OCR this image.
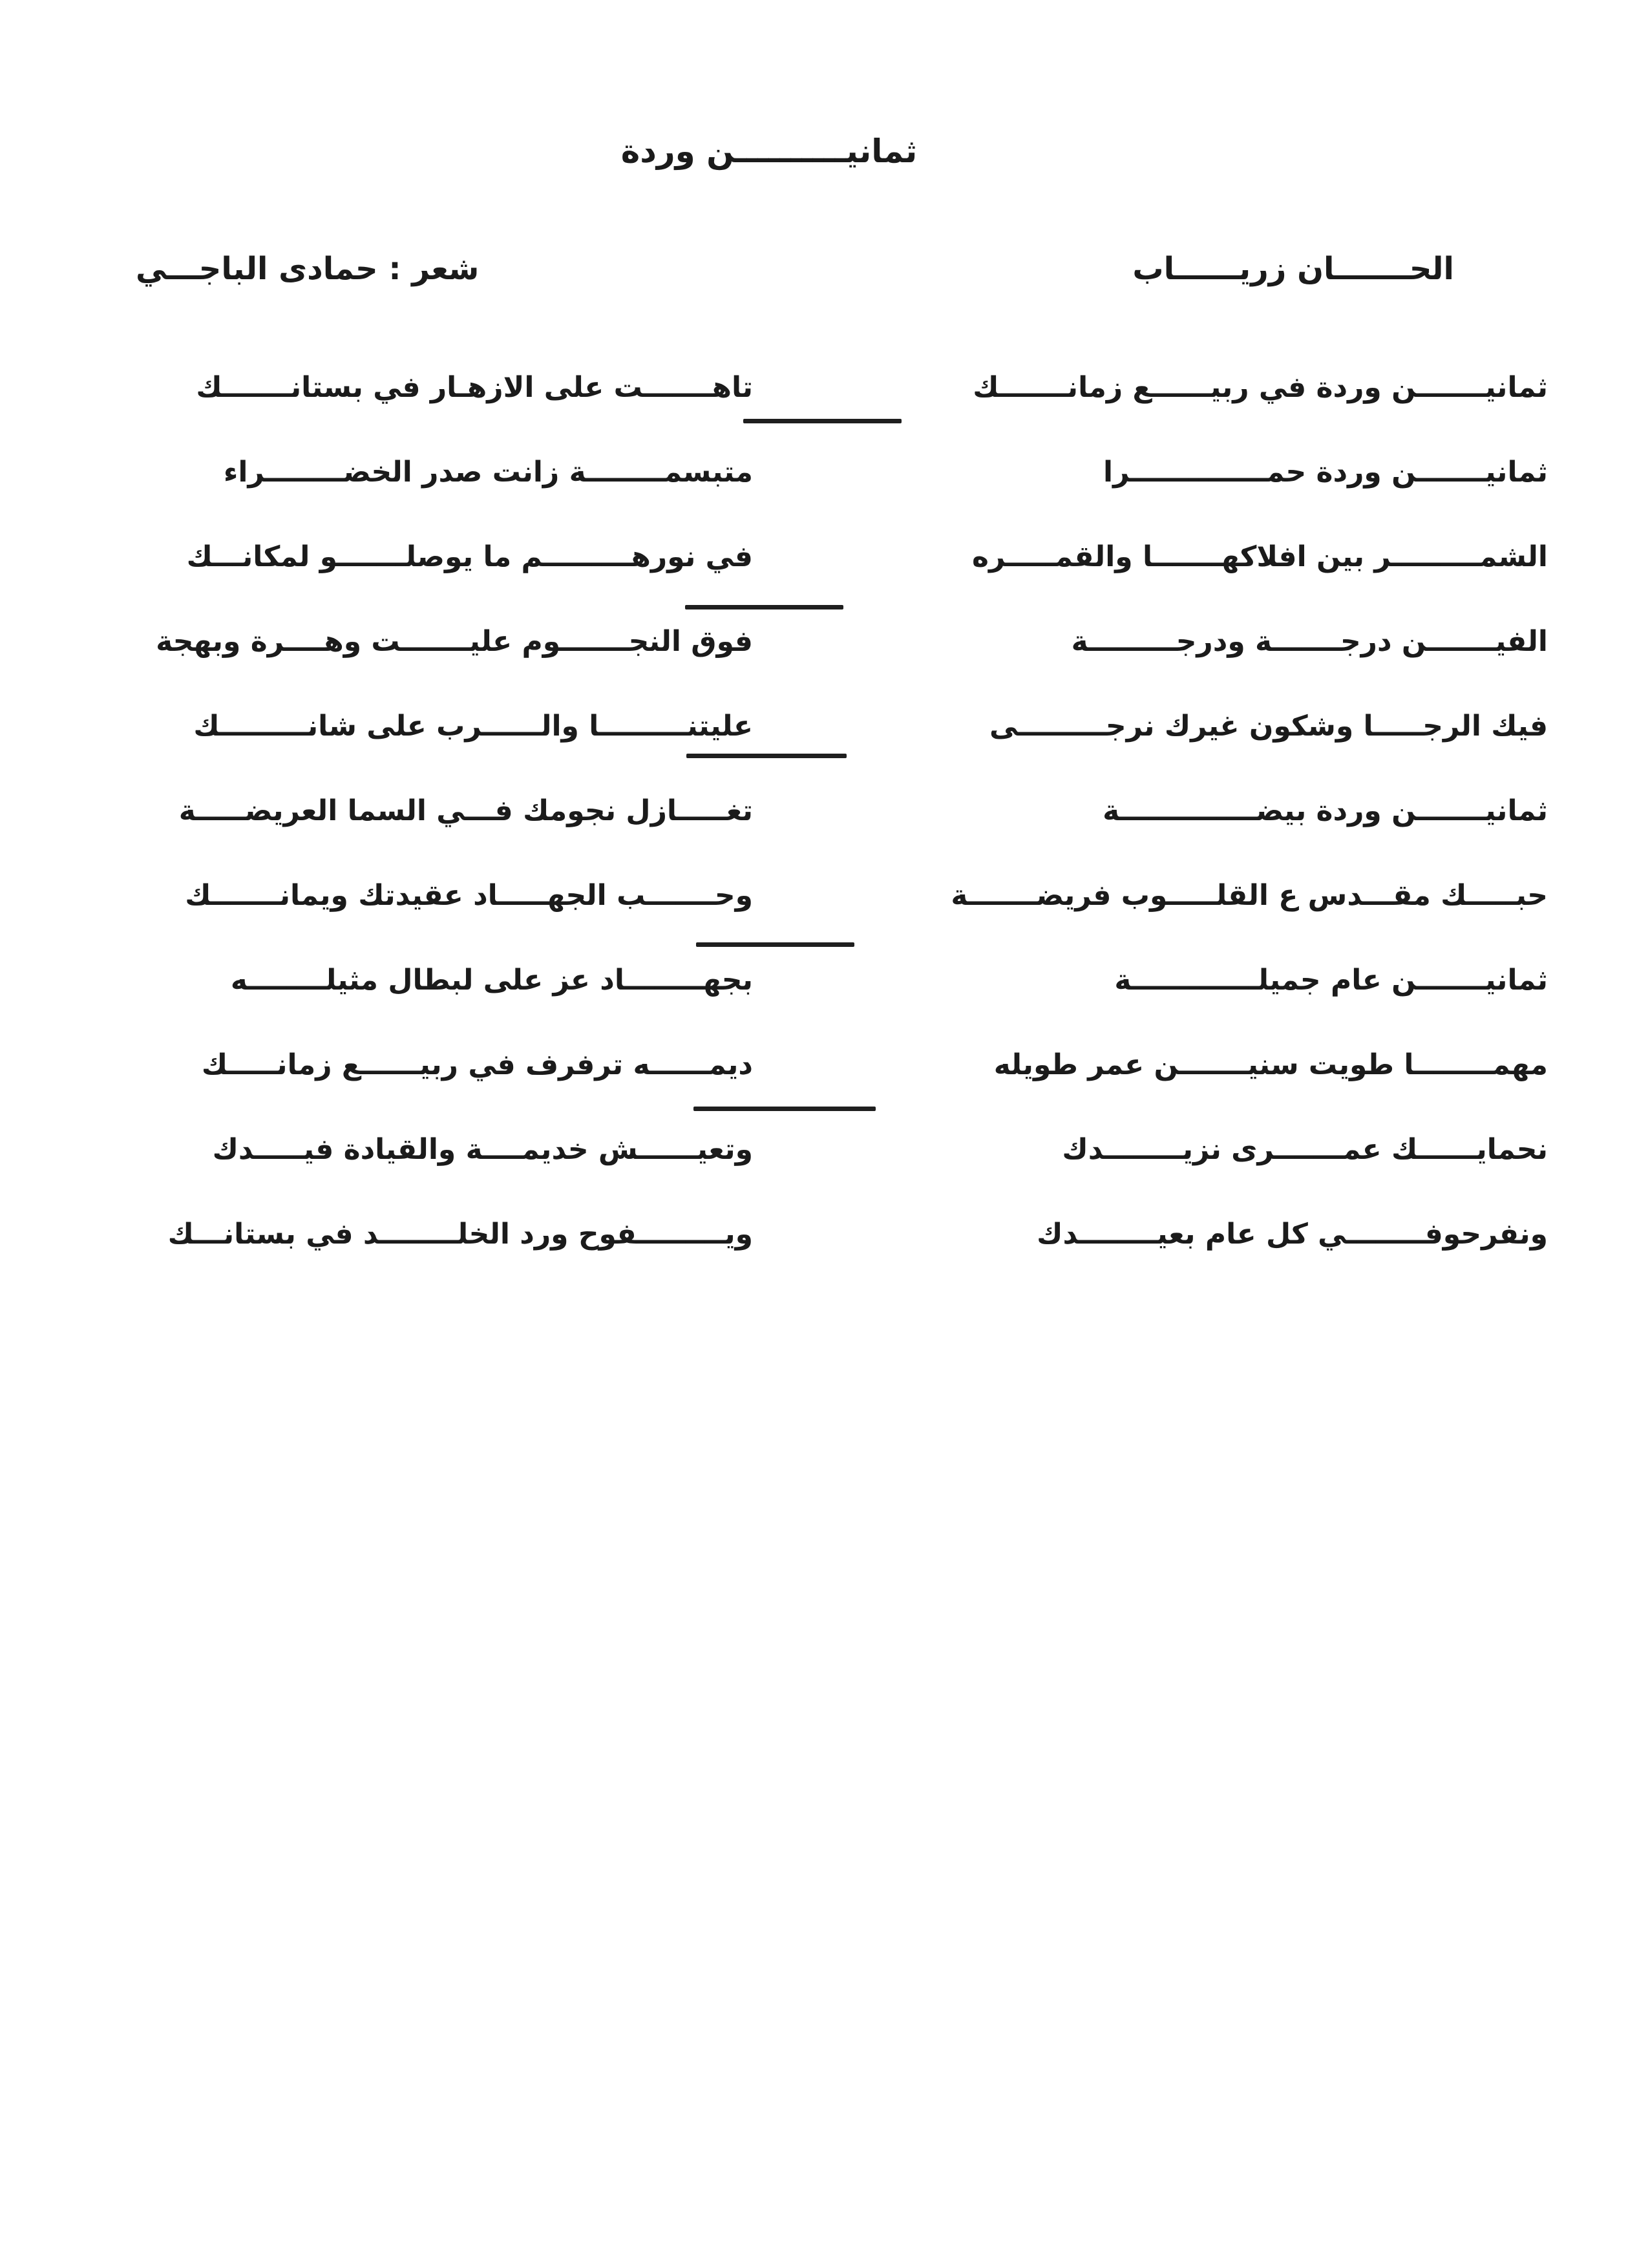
ثمانيــــــــــن وردة
الحـــــــان زريــــــاب
شعر : حمادى الباجـــي
ثمانيـــــــن وردة في ربيــــــع زمانـــــــك
تاهـــــــت على الازهـار في بستانـــــــك
ثمانيـــــــن وردة حمــــــــــــــرا
متبسمــــــــة زانت صدر الخضــــــــراء
الشمـــــــــر بين افلاكهـــــــا والقمـــــره
في نورهـــــــــم ما يوصلـــــــو لمكانـــك
الفيـــــــن درجـــــــة ودرجـــــــــة
فوق النجـــــــوم عليـــــــت وهــــرة وبهجة
فيك الرجـــــا وشكون غيرك نرجـــــــــى
عليتنـــــــــا والــــــرب على شانـــــــــك
ثمانيـــــــن وردة بيضــــــــــــــة
تغـــــازل نجومك فـــي السما العريضـــــة
حبـــــك مقـــدس ع القلـــــوب فريضـــــــة
وحـــــــب الجهـــــاد عقيدتك ويمانـــــــك
ثمانيـــــــن عام جميلـــــــــــــة
بجهــــــــاد عز على لبطال مثيلــــــــه
مهمــــــــا طويت سنيـــــــن عمر طويله
ديمــــــه ترفرف في ربيــــــع زمانـــــك
نحمايــــــك عمـــــــرى نزيــــــــدك
وتعيــــــش خديمــــة والقيادة فيـــــدك
ونفرحوفــــــــي كل عام بعيــــــــدك
ويـــــــــفوح ورد الخلــــــــد في بستانـــك
